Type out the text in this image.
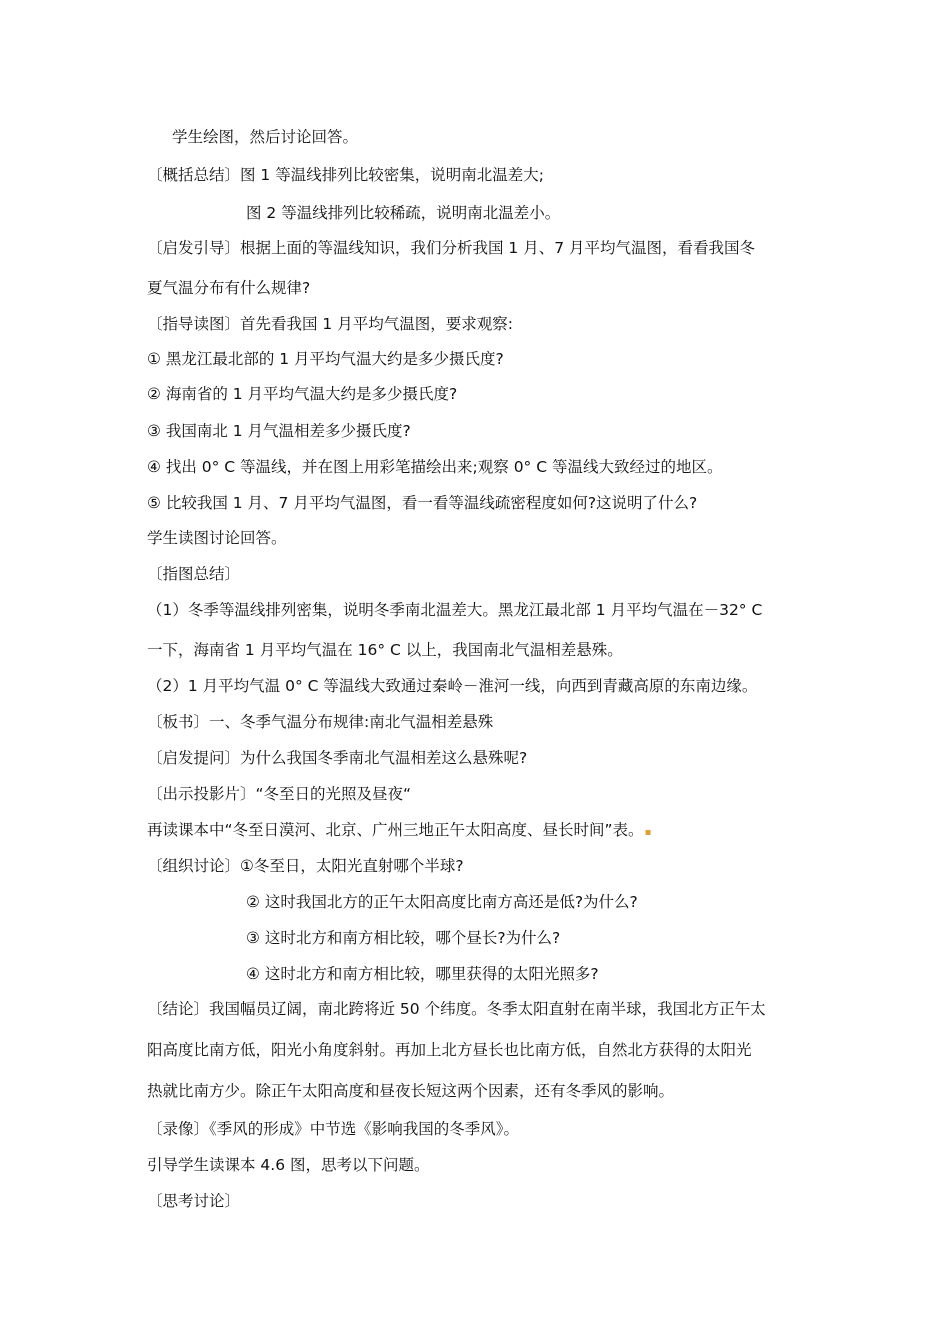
学生绘图，然后讨论回答。
〔概括总结〕图 1 等温线排列比较密集，说明南北温差大;
图 2 等温线排列比较稀疏，说明南北温差小。
〔启发引导〕根据上面的等温线知识，我们分析我国 1 月、7 月平均气温图，看看我国冬
夏气温分布有什么规律?
〔指导读图〕首先看我国 1 月平均气温图，要求观察:
① 黑龙江最北部的 1 月平均气温大约是多少摄氏度?
② 海南省的 1 月平均气温大约是多少摄氏度?
③ 我国南北 1 月气温相差多少摄氏度?
④ 找出 0° C 等温线，并在图上用彩笔描绘出来;观察 0° C 等温线大致经过的地区。
⑤ 比较我国 1 月、7 月平均气温图，看一看等温线疏密程度如何?这说明了什么?
学生读图讨论回答。
〔指图总结〕
（1）冬季等温线排列密集，说明冬季南北温差大。黑龙江最北部 1 月平均气温在－32° C
一下，海南省 1 月平均气温在 16° C 以上，我国南北气温相差悬殊。
（2）1 月平均气温 0° C 等温线大致通过秦岭－淮河一线，向西到青藏高原的东南边缘。
〔板书〕一、冬季气温分布规律:南北气温相差悬殊
〔启发提问〕为什么我国冬季南北气温相差这么悬殊呢?
〔出示投影片〕“冬至日的光照及昼夜“
再读课本中“冬至日漠河、北京、广州三地正午太阳高度、昼长时间”表。▪
〔组织讨论〕①冬至日，太阳光直射哪个半球?
② 这时我国北方的正午太阳高度比南方高还是低?为什么?
③ 这时北方和南方相比较，哪个昼长?为什么?
④ 这时北方和南方相比较，哪里获得的太阳光照多?
〔结论〕我国幅员辽阔，南北跨将近 50 个纬度。冬季太阳直射在南半球，我国北方正午太
阳高度比南方低，阳光小角度斜射。再加上北方昼长也比南方低，自然北方获得的太阳光
热就比南方少。除正午太阳高度和昼夜长短这两个因素，还有冬季风的影响。
〔录像〕《季风的形成》中节选《影响我国的冬季风》。
引导学生读课本 4.6 图，思考以下问题。
〔思考讨论〕
